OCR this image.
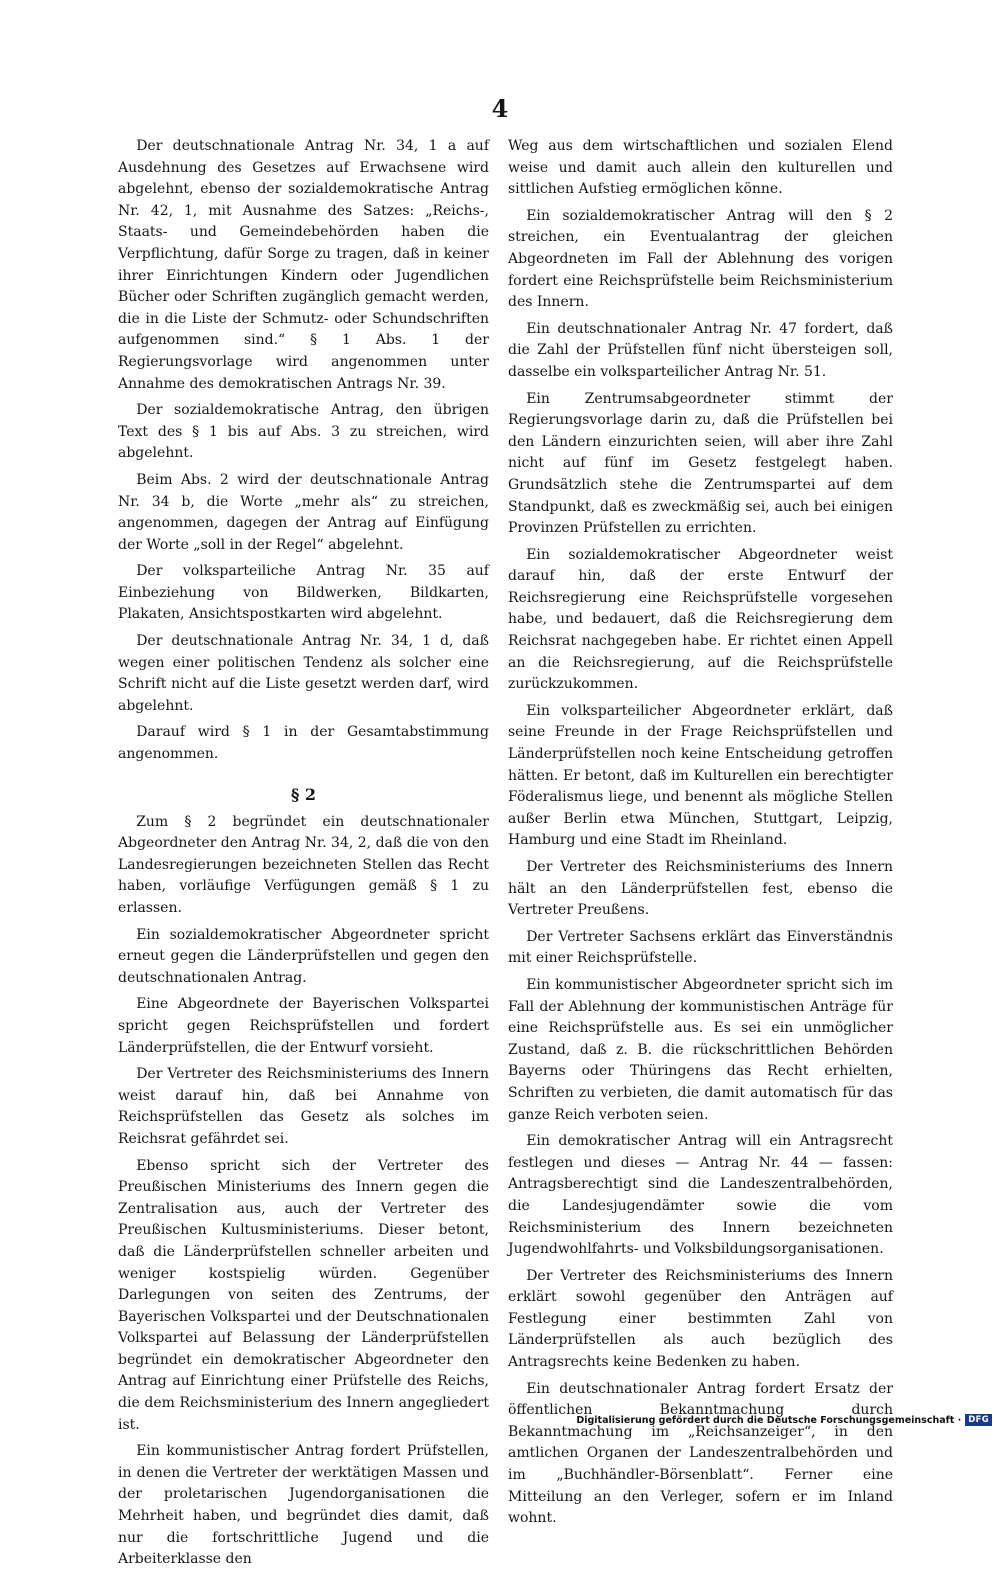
4

Der deutschnationale Antrag Nr. 34, 1 a auf Ausdehnung des Gesetzes auf Erwachsene wird abgelehnt, ebenso der sozialdemokratische Antrag Nr. 42, 1, mit Ausnahme des Satzes: „Reichs-, Staats- und Gemeindebehörden haben die Verpflichtung, dafür Sorge zu tragen, daß in keiner ihrer Einrichtungen Kindern oder Jugendlichen Bücher oder Schriften zugänglich gemacht werden, die in die Liste der Schmutz- oder Schundschriften aufgenommen sind.“ § 1 Abs. 1 der Regierungsvorlage wird angenommen unter Annahme des demokratischen Antrags Nr. 39.

Der sozialdemokratische Antrag, den übrigen Text des § 1 bis auf Abs. 3 zu streichen, wird abgelehnt.

Beim Abs. 2 wird der deutschnationale Antrag Nr. 34 b, die Worte „mehr als“ zu streichen, angenommen, dagegen der Antrag auf Einfügung der Worte „soll in der Regel“ abgelehnt.

Der volksparteiliche Antrag Nr. 35 auf Einbeziehung von Bildwerken, Bildkarten, Plakaten, Ansichtspostkarten wird abgelehnt.

Der deutschnationale Antrag Nr. 34, 1 d, daß wegen einer politischen Tendenz als solcher eine Schrift nicht auf die Liste gesetzt werden darf, wird abgelehnt.

Darauf wird § 1 in der Gesamtabstimmung angenommen.

§ 2

Zum § 2 begründet ein deutschnationaler Abgeordneter den Antrag Nr. 34, 2, daß die von den Landesregierungen bezeichneten Stellen das Recht haben, vorläufige Verfügungen gemäß § 1 zu erlassen.

Ein sozialdemokratischer Abgeordneter spricht erneut gegen die Länderprüfstellen und gegen den deutschnationalen Antrag.

Eine Abgeordnete der Bayerischen Volkspartei spricht gegen Reichsprüfstellen und fordert Länderprüfstellen, die der Entwurf vorsieht.

Der Vertreter des Reichsministeriums des Innern weist darauf hin, daß bei Annahme von Reichsprüfstellen das Gesetz als solches im Reichsrat gefährdet sei.

Ebenso spricht sich der Vertreter des Preußischen Ministeriums des Innern gegen die Zentralisation aus, auch der Vertreter des Preußischen Kultusministeriums. Dieser betont, daß die Länderprüfstellen schneller arbeiten und weniger kostspielig würden. Gegenüber Darlegungen von seiten des Zentrums, der Bayerischen Volkspartei und der Deutschnationalen Volkspartei auf Belassung der Länderprüfstellen begründet ein demokratischer Abgeordneter den Antrag auf Einrichtung einer Prüfstelle des Reichs, die dem Reichsministerium des Innern angegliedert ist.

Ein kommunistischer Antrag fordert Prüfstellen, in denen die Vertreter der werktätigen Massen und der proletarischen Jugendorganisationen die Mehrheit haben, und begründet dies damit, daß nur die fortschrittliche Jugend und die Arbeiterklasse den

Weg aus dem wirtschaftlichen und sozialen Elend weise und damit auch allein den kulturellen und sittlichen Aufstieg ermöglichen könne.

Ein sozialdemokratischer Antrag will den § 2 streichen, ein Eventualantrag der gleichen Abgeordneten im Fall der Ablehnung des vorigen fordert eine Reichsprüfstelle beim Reichsministerium des Innern.

Ein deutschnationaler Antrag Nr. 47 fordert, daß die Zahl der Prüfstellen fünf nicht übersteigen soll, dasselbe ein volksparteilicher Antrag Nr. 51.

Ein Zentrumsabgeordneter stimmt der Regierungsvorlage darin zu, daß die Prüfstellen bei den Ländern einzurichten seien, will aber ihre Zahl nicht auf fünf im Gesetz festgelegt haben. Grundsätzlich stehe die Zentrumspartei auf dem Standpunkt, daß es zweckmäßig sei, auch bei einigen Provinzen Prüfstellen zu errichten.

Ein sozialdemokratischer Abgeordneter weist darauf hin, daß der erste Entwurf der Reichsregierung eine Reichsprüfstelle vorgesehen habe, und bedauert, daß die Reichsregierung dem Reichsrat nachgegeben habe. Er richtet einen Appell an die Reichsregierung, auf die Reichsprüfstelle zurückzukommen.

Ein volksparteilicher Abgeordneter erklärt, daß seine Freunde in der Frage Reichsprüfstellen und Länderprüfstellen noch keine Entscheidung getroffen hätten. Er betont, daß im Kulturellen ein berechtigter Föderalismus liege, und benennt als mögliche Stellen außer Berlin etwa München, Stuttgart, Leipzig, Hamburg und eine Stadt im Rheinland.

Der Vertreter des Reichsministeriums des Innern hält an den Länderprüfstellen fest, ebenso die Vertreter Preußens.

Der Vertreter Sachsens erklärt das Einverständnis mit einer Reichsprüfstelle.

Ein kommunistischer Abgeordneter spricht sich im Fall der Ablehnung der kommunistischen Anträge für eine Reichsprüfstelle aus. Es sei ein unmöglicher Zustand, daß z. B. die rückschrittlichen Behörden Bayerns oder Thüringens das Recht erhielten, Schriften zu verbieten, die damit automatisch für das ganze Reich verboten seien.

Ein demokratischer Antrag will ein Antragsrecht festlegen und dieses — Antrag Nr. 44 — fassen: Antragsberechtigt sind die Landeszentralbehörden, die Landesjugendämter sowie die vom Reichsministerium des Innern bezeichneten Jugendwohlfahrts- und Volksbildungsorganisationen.

Der Vertreter des Reichsministeriums des Innern erklärt sowohl gegenüber den Anträgen auf Festlegung einer bestimmten Zahl von Länderprüfstellen als auch bezüglich des Antragsrechts keine Bedenken zu haben.

Ein deutschnationaler Antrag fordert Ersatz der öffentlichen Bekanntmachung durch Bekanntmachung im „Reichsanzeiger“, in den amtlichen Organen der Landeszentralbehörden und im „Buchhändler-Börsenblatt“. Ferner eine Mitteilung an den Verleger, sofern er im Inland wohnt.

Digitalisierung gefördert durch die Deutsche Forschungsgemeinschaft · DFG
